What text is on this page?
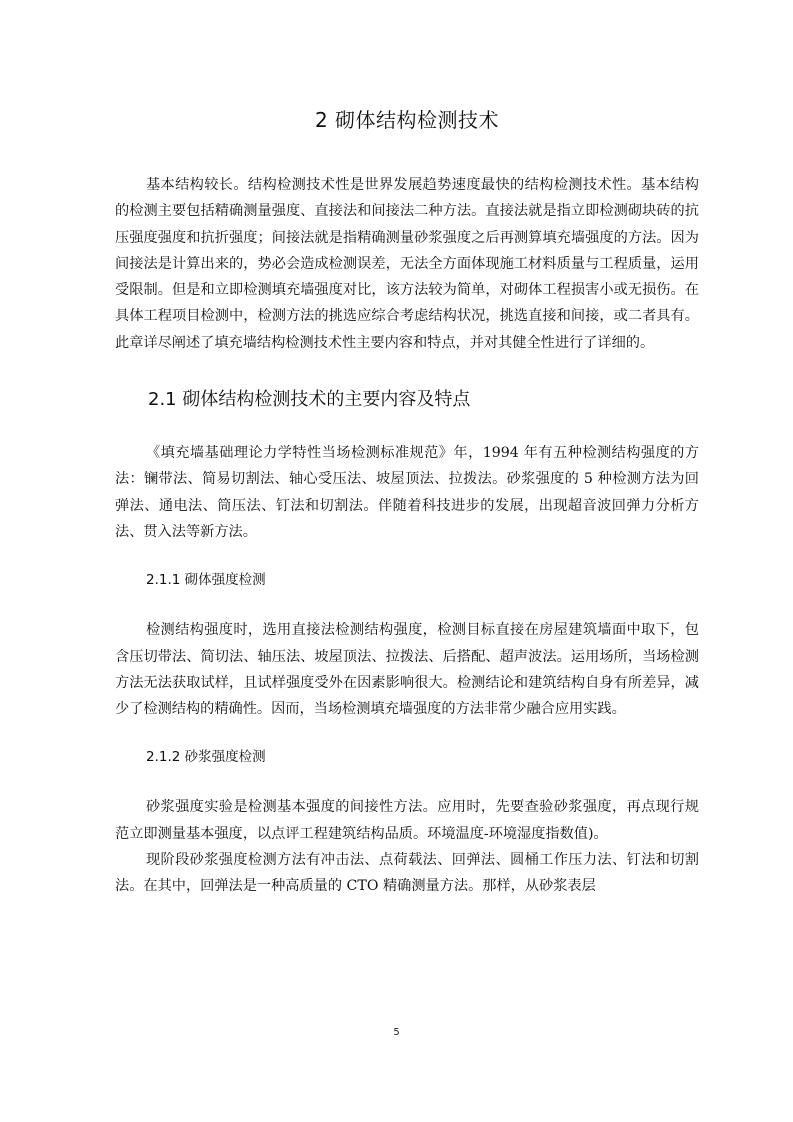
2 砌体结构检测技术

基本结构较长。结构检测技术性是世界发展趋势速度最快的结构检测技术性。基本结构的检测主要包括精确测量强度、直接法和间接法二种方法。直接法就是指立即检测砌块砖的抗压强度强度和抗折强度；间接法就是指精确测量砂浆强度之后再测算填充墙强度的方法。因为间接法是计算出来的，势必会造成检测误差，无法全方面体现施工材料质量与工程质量，运用受限制。但是和立即检测填充墙强度对比，该方法较为简单，对砌体工程损害小或无损伤。在具体工程项目检测中，检测方法的挑选应综合考虑结构状况，挑选直接和间接，或二者具有。此章详尽阐述了填充墙结构检测技术性主要内容和特点，并对其健全性进行了详细的。

2.1 砌体结构检测技术的主要内容及特点

《填充墙基础理论力学特性当场检测标准规范》年，1994 年有五种检测结构强度的方法：镧带法、简易切割法、轴心受压法、坡屋顶法、拉拨法。砂浆强度的 5 种检测方法为回弹法、通电法、筒压法、钉法和切割法。伴随着科技进步的发展，出现超音波回弹力分析方法、贯入法等新方法。

2.1.1 砌体强度检测

检测结构强度时，选用直接法检测结构强度，检测目标直接在房屋建筑墙面中取下，包含压切带法、简切法、轴压法、坡屋顶法、拉拨法、后搭配、超声波法。运用场所，当场检测方法无法获取试样，且试样强度受外在因素影响很大。检测结论和建筑结构自身有所差异，减少了检测结构的精确性。因而，当场检测填充墙强度的方法非常少融合应用实践。

2.1.2 砂浆强度检测

砂浆强度实验是检测基本强度的间接性方法。应用时，先要查验砂浆强度，再点现行规范立即测量基本强度，以点评工程建筑结构品质。环境温度-环境湿度指数值)。

现阶段砂浆强度检测方法有冲击法、点荷载法、回弹法、圆桶工作压力法、钉法和切割法。在其中，回弹法是一种高质量的 CTO 精确测量方法。那样，从砂浆表层

5
